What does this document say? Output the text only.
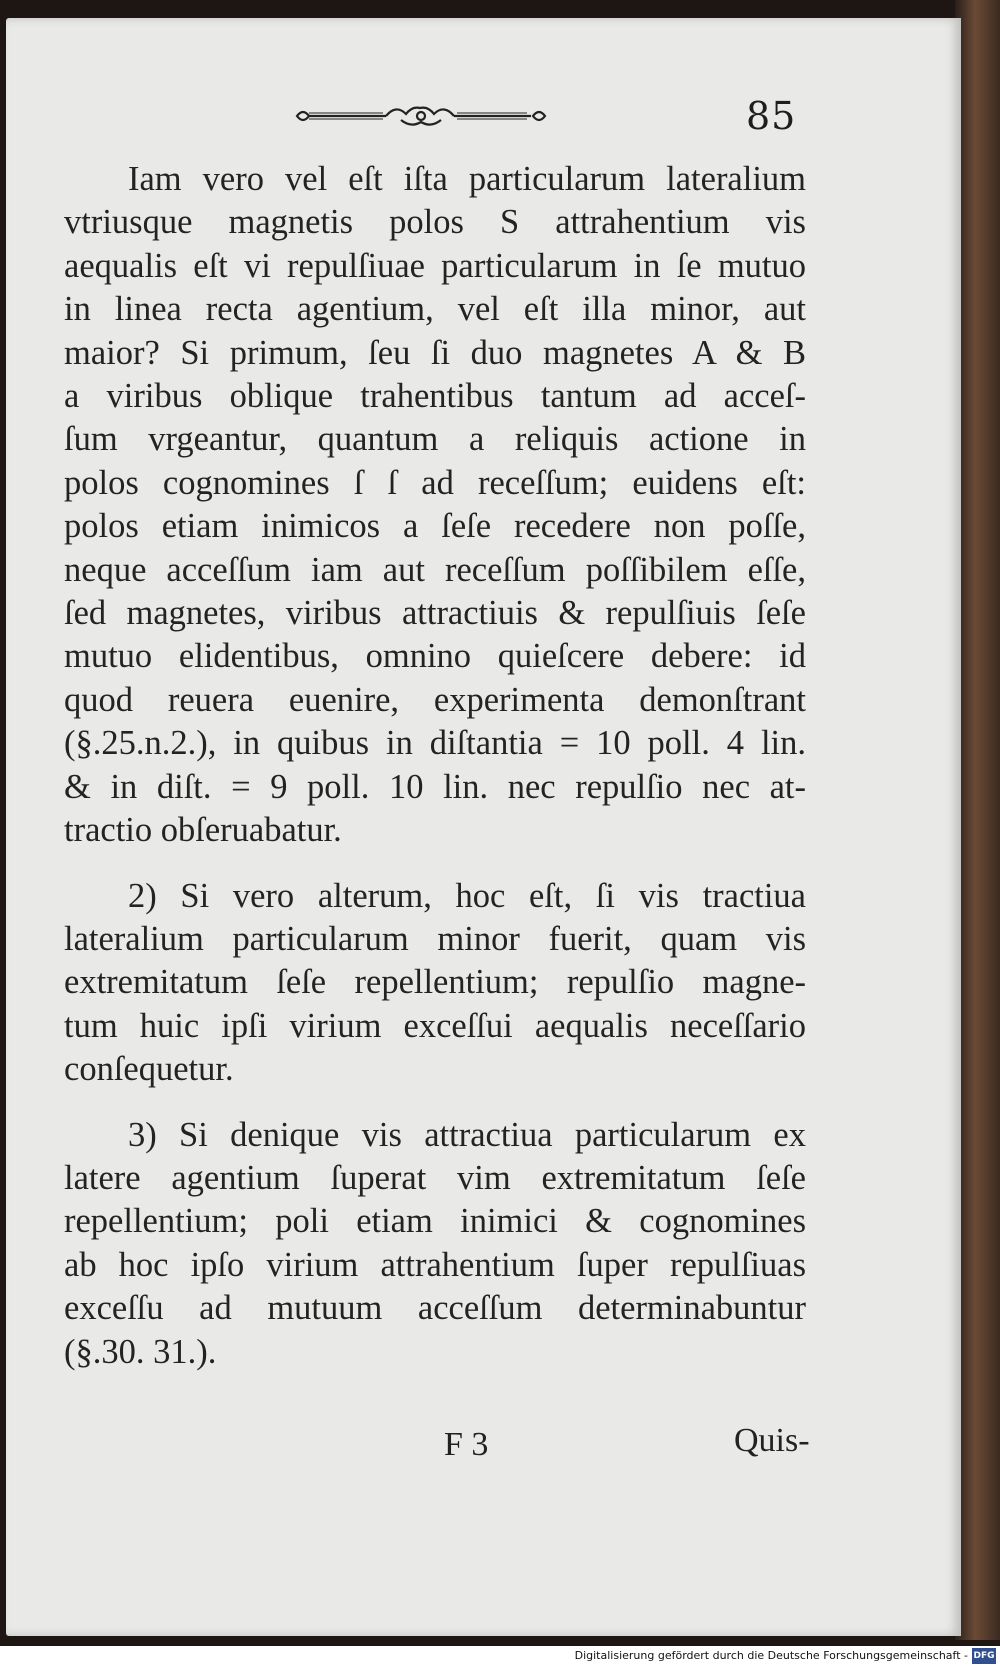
85
Iam vero vel eſt iſta particularum lateralium
vtriusque magnetis polos S attrahentium vis
aequalis eſt vi repulſiuae particularum in ſe mutuo
in linea recta agentium, vel eſt illa minor, aut
maior? Si primum, ſeu ſi duo magnetes A & B
a viribus oblique trahentibus tantum ad acceſ-
ſum vrgeantur, quantum a reliquis actione in
polos cognomines ſ ſ ad receſſum; euidens eſt:
polos etiam inimicos a ſeſe recedere non poſſe,
neque acceſſum iam aut receſſum poſſibilem eſſe,
ſed magnetes, viribus attractiuis & repulſiuis ſeſe
mutuo elidentibus, omnino quieſcere debere: id
quod reuera euenire, experimenta demonſtrant
(§.25.n.2.), in quibus in diſtantia = 10 poll. 4 lin.
& in diſt. = 9 poll. 10 lin. nec repulſio nec at-
tractio obſeruabatur.
2) Si vero alterum, hoc eſt, ſi vis tractiua
lateralium particularum minor fuerit, quam vis
extremitatum ſeſe repellentium; repulſio magne-
tum huic ipſi virium exceſſui aequalis neceſſario
conſequetur.
3) Si denique vis attractiua particularum ex
latere agentium ſuperat vim extremitatum ſeſe
repellentium; poli etiam inimici & cognomines
ab hoc ipſo virium attrahentium ſuper repulſiuas
exceſſu ad mutuum acceſſum determinabuntur
(§.30. 31.).
F 3	Quis-
Digitalisierung gefördert durch die Deutsche Forschungsgemeinschaft - DFG
